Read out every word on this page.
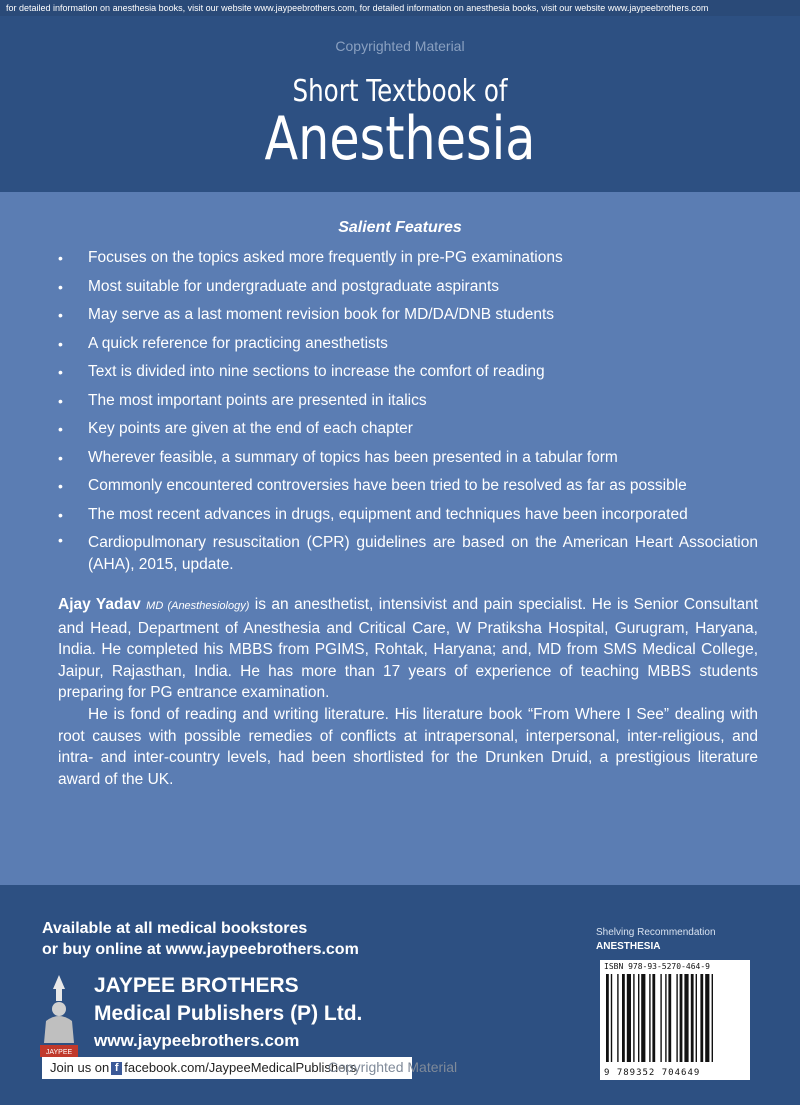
for detailed information on anesthesia books, visit our website www.jaypeebrothers.com, for detailed information on anesthesia books, visit our website www.jaypeebrothers.com
Copyrighted Material
Short Textbook of
Anesthesia
Salient Features
• Focuses on the topics asked more frequently in pre-PG examinations
• Most suitable for undergraduate and postgraduate aspirants
• May serve as a last moment revision book for MD/DA/DNB students
• A quick reference for practicing anesthetists
• Text is divided into nine sections to increase the comfort of reading
• The most important points are presented in italics
• Key points are given at the end of each chapter
• Wherever feasible, a summary of topics has been presented in a tabular form
• Commonly encountered controversies have been tried to be resolved as far as possible
• The most recent advances in drugs, equipment and techniques have been incorporated
• Cardiopulmonary resuscitation (CPR) guidelines are based on the American Heart Association (AHA), 2015, update.

Ajay Yadav MD (Anesthesiology) is an anesthetist, intensivist and pain specialist. He is Senior Consultant and Head, Department of Anesthesia and Critical Care, W Pratiksha Hospital, Gurugram, Haryana, India. He completed his MBBS from PGIMS, Rohtak, Haryana; and, MD from SMS Medical College, Jaipur, Rajasthan, India. He has more than 17 years of experience of teaching MBBS students preparing for PG entrance examination.

He is fond of reading and writing literature. His literature book “From Where I See” dealing with root causes with possible remedies of conflicts at intrapersonal, interpersonal, inter-religious, and intra- and inter-country levels, had been shortlisted for the Drunken Druid, a prestigious literature award of the UK.

Available at all medical bookstores
or buy online at www.jaypeebrothers.com
JAYPEE
JAYPEE BROTHERS
Medical Publishers (P) Ltd.
www.jaypeebrothers.com
Join us on f facebook.com/JaypeeMedicalPublishers
Copyrighted Material
Shelving Recommendation
ANESTHESIA
ISBN 978-93-5270-464-9
9 789352 704649
